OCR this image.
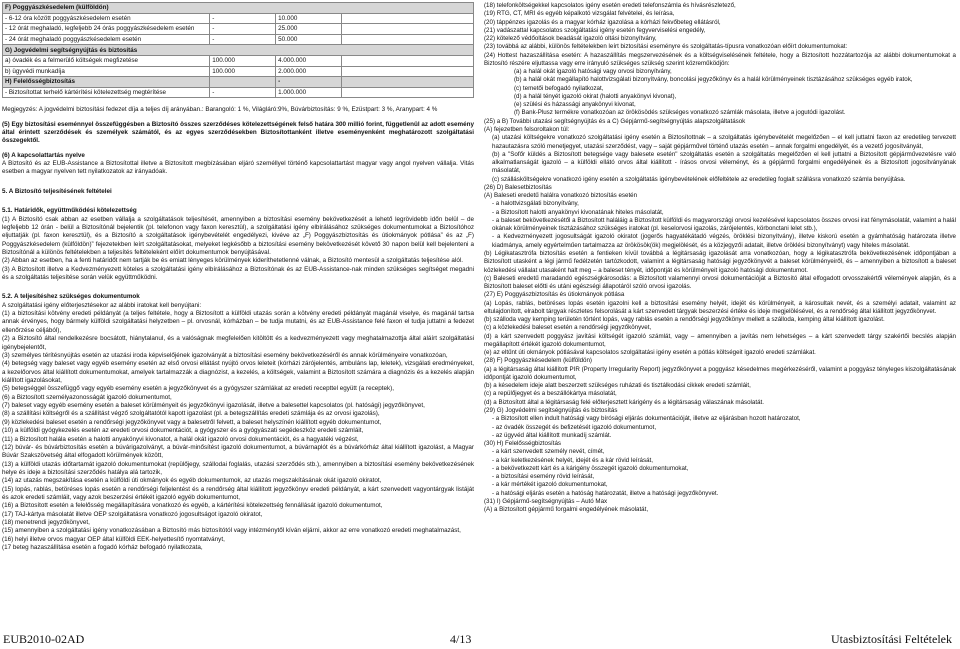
F) Poggyászkésedelem (külföldön)			
- 6-12 óra között poggyászkésedelem esetén	-	10.000	
- 12 órát meghaladó, legfeljebb 24 órás poggyászkésedelem esetén	-	25.000	
- 24 órát meghaladó poggyászkésedelem esetén	-	50.000	
G) Jogvédelmi segítségnyújtás és biztosítás			
a) óvadék és a felmerülő költségek megfizetése	100.000	4.000.000	
b) ügyvédi munkadíja	100.000	2.000.000	
H) Felelősségbiztosítás		-	
- Biztosítottat terhelő kártérítési kötelezettség megtérítése	-	1.000.000	

Megjegyzés: A jogvédelmi biztosítási fedezet díja a teljes díj arányában.: Barangoló: 1 %, Világláró:9%, Búvárbiztosítás: 9 %, Ezüstpart: 3 %, Aranypart: 4 %

(5) Egy biztosítási eseménnyel összefüggésben a Biztosító összes szerződéses kötelezettségének felső határa 300 millió forint, függetlenül az adott esemény által érintett szerződések és személyek számától, és az egyes szerződésekben Biztosítottanként illetve eseményenként meghatározott szolgáltatási összegektől.

(6) A kapcsolattartás nyelve

A Biztosító és az EUB-Assistance a Biztosítottal illetve a Biztosított megbízásában eljáró személlyel történő kapcsolattartást magyar vagy angol nyelven vállalja. Vitás esetben a magyar nyelven tett nyilatkozatok az irányadóak.

5. A Biztosító teljesítésének feltételei

5.1. Határidők, együttműködési kötelezettség

(1) A Biztosító csak abban az esetben vállalja a szolgáltatások teljesítését, amennyiben a biztosítási esemény bekövetkezését a lehető legrövidebb időn belül – de legfeljebb 12 órán - belül a Biztosítónál bejelentik (pl. telefonon vagy faxon keresztül), a szolgáltatási igény elbírálásához szükséges dokumentumokat a Biztosítóhoz eljuttatják (pl. faxon keresztül), és a Biztosító a szolgáltatások igénybevételét engedélyezi, kivéve az „F) Poggyászbiztosítás és útiokmányok pótlása” és az „F) Poggyászkésedelem (külföldön)” fejezetekben leírt szolgáltatásokat, melyeket legkésőbb a biztosítási esemény bekövetkezését követő 30 napon belül kell bejelenteni a Biztosítónál a különös feltételekben a teljesítés feltételeként előírt dokumentumok benyújtásával.

(2) Abban az esetben, ha a fenti határidőt nem tartják be és emiatt lényeges körülmények kideríthetetlenné válnak, a Biztosító mentesül a szolgáltatás teljesítése alól.

(3) A Biztosított illetve a Kedvezményezett köteles a szolgáltatási igény elbírálásához a Biztosítónak és az EUB-Assistance-nak minden szükséges segítséget megadni és a szolgáltatás teljesítése során velük együttműködni.

5.2. A teljesítéshez szükséges dokumentumok

A szolgáltatási igény előterjesztésekor az alábbi iratokat kell benyújtani:

(1) a biztosítási kötvény eredeti példányát (a teljes feltétele, hogy a Biztosított a külföldi utazás során a kötvény eredeti példányát magánál viselye, és magánál tartsa annak érvényes, hogy bármely külföldi szolgáltatási helyzetben – pl. orvosnál, kórházban – be tudja mutatni, és az EUB-Assistance felé faxon el tudja juttatni a fedezet ellenőrzése céljából),

(2) a Biztosító által rendelkezésre bocsátott, hiánytalanul, és a valóságnak megfelelően kitöltött és a kedvezményezett vagy meghatalmazottja által aláírt szolgáltatási igénybejelentőt,

(3) személyes térítésnyújtás esetén az utazási iroda képviselőjének igazolványát a biztosítási esemény bekövetkezéséről és annak körülményeire vonatkozóan,

(4) betegség vagy baleset vagy egyéb esemény esetén az első orvosi ellátást nyújtó orvos leleteit (kórházi zárójelentés, ambuláns lap, leletek), vizsgálati eredményeket, a kezelőorvos által kiállított dokumentumokat, amelyek tartalmazzák a diagnózist, a kezelés, a költségek, valamint a Biztosított számára a diagnózis és a kezelés alapján kiállított igazolásokat,

(5) betegséggel összefüggő vagy egyéb esemény esetén a jegyzőkönyvet és a gyógyszer számlákat az eredeti recepttel együtt (a receptek),

(6) a Biztosított személyazonosságát igazoló dokumentumot,

(7) baleset vagy egyéb esemény esetén a baleset körülményeit és jegyzőkönyvi igazolását, illetve a balesettel kapcsolatos (pl. hatósági) jegyzőkönyvet,

(8) a szállítási költségről és a szállítást végző szolgáltatótól kapott igazolást (pl. a betegszállítás eredeti számlája és az orvosi igazolás),

(9) közlekedési baleset esetén a rendőrségi jegyzőkönyvet vagy a balesetről felvett, a baleset helyszínén kiállított egyéb dokumentumot,

(10) a külföldi gyógykezelés esetén az eredeti orvosi dokumentációt, a gyógyszer és a gyógyászati segédeszköz eredeti számláit,

(11) a Biztosított halála esetén a halotti anyakönyvi kivonatot, a halál okát igazoló orvosi dokumentációt, és a hagyatéki végzést,

(12) búvár- és búvárbiztosítás esetén a búvárigazolványt, a búvár-minősítést igazoló dokumentumot, a búvárnaplót és a búvárkórház által kiállított igazolást, a Magyar Búvár Szakszövetség által elfogadott körülmények között,

(13) a külföldi utazás időtartamát igazoló dokumentumokat (repülőjegy, szállodai foglalás, utazási szerződés stb.), amennyiben a biztosítási esemény bekövetkezésének helye és ideje a biztosítási szerződés hatálya alá tartozik,

(14) az utazás megszakítása esetén a külföldi úti okmányok és egyéb dokumentumok, az utazás megszakításának okát igazoló okiratot,

(15) lopás, rablás, betöréses lopás esetén a rendőrségi feljelentést és a rendőrség által kiállított jegyzőkönyv eredeti példányát, a kárt szenvedett vagyontárgyak listáját és azok eredeti számláit, vagy azok beszerzési értékét igazoló egyéb dokumentumot,

(16) a Biztosított esetén a felelősség megállapítására vonatkozó és egyéb, a kártérítési kötelezettség fennállását igazoló dokumentumot,

(17) TAJ-kártya másolatát illetve OEP szolgáltatásra vonatkozó jogosultságot igazoló okiratot,

(18) menetrendi jegyzőkönyvet,

(15) amennyiben a szolgáltatási igény vonatkozásában a Biztosító más biztosítótól vagy intézménytől kíván eljárni, akkor az erre vonatkozó eredeti meghatalmazást,

(16) helyi illetve orvos magyar OEP által külföldi EEK-helyettesítő nyomtatványt,

(17 beteg hazaszállítása esetén a fogadó kórház befogadó nyilatkozata,

(18) telefonköltségekkel kapcsolatos igény esetén eredeti telefonszámla és hívásrészletező,

(19) RTG, CT, MRI és egyéb képalkotó vizsgálat felvételei, és leírása,

(20) táppénzes igazolás és a magyar kórház igazolása a kórházi fekvőbeteg ellátásról,

(21) vadászattal kapcsolatos szolgáltatási igény esetén fegyverviselési engedély,

(22) kötelező védőoltások beadását igazoló oltási bizonyítvány,

(23) továbbá az alábbi, különös feltételekben leírt biztosítási eseményre és szolgáltatás-típusra vonatkozóan előírt dokumentumokat:

(24) Hottest hazaszállítása esetén: A hazaszállítás megszervezésének és a költségviselésének feltétele, hogy a Biztosított hozzátartozója az alábbi dokumentumokat a Biztosító részére eljuttassa vagy erre irányuló szükséges szükség szerint közreműködjön:

(a) a halál okát igazoló hatósági vagy orvosi bizonyítvány,

(b) a halál okát megállapító halottvizsgálati bizonyítvány, boncolási jegyzőkönyv és a halál körülményeinek tisztázásához szükséges egyéb iratok,

(c) temetői befogadó nyilatkozat,

(d) a halál tényét igazoló okirat (halotti anyakönyvi kivonat),

(e) szülési és házassági anyakönyvi kivonat,

(f) Bank-Plusz termékre vonatkozóan az örökösödés szükséges vonatkozó számlák másolata, illetve a jogutódi igazolást.

(25) a B) További utazási segítségnyújtás és a C) Gépjármű-segítségnyújtás alapszolgáltatások

(A) fejezetben felsoroltakon túl:

(a) utazási költségekre vonatkozó szolgáltatási igény esetén a Biztosítottnak – a szolgáltatás igénybevételét megelőzően – el kell juttatni faxon az eredetileg tervezett hazautazásra szóló menetjegyet, utazási szerződést, vagy – saját gépjárművel történő utazás esetén – annak forgalmi engedélyét, és a vezető jogosítványát,

(b) a "Sofőr küldés a Biztosított betegsége vagy balesete esetén" szolgáltatás esetén a szolgáltatás megelőzően el kell juttatni a Biztosított gépjárművezetésre való alkalmatlanságát igazoló – a külföldi ellátó orvos által kiállított - írásos orvosi véleményt, és a gépjármű forgalmi engedélyének és a Biztosított jogosítványának másolatát,

(c) szállásköltségekre vonatkozó igény esetén a szolgáltatás igénybevételének előfeltétele az eredetileg foglalt szállásra vonatkozó számla benyújtása.

(26) D) Balesetbiztosítás

(A) Baleseti eredetű halálra vonatkozó biztosítás esetén

- a halottvizsgálati bizonyítvány,

- a Biztosított halotti anyakönyvi kivonatának hiteles másolatát,

- a baleset bekövetkezésétől a Biztosított haláláig a Biztosított külföldi és magyarországi orvosi kezelésével kapcsolatos összes orvosi irat fénymásolatát, valamint a halál okának körülményeinek tisztázásához szükséges iratokat (pl. keselorvosi igazolás, zárójelentés, körbonctani lelet stb.),

- a Kedvezményezett jogosultságát igazoló okiratot (jogerős hagyatékátadó végzés, öröklési bizonyítvány), illetve kiskorú esetén a gyámhatóság határozata illetve kiadmánya, amely egyértelműen tartalmazza az örökösök(ök) megjelölését, és a közjegyzői adatait, illetve öröklési bizonyítványt) vagy hiteles másolatát.

(b) Légikatasztrófa biztosítás esetén a fentieken kívül továbbá a légitársaság igazolását arra vonatkozóan, hogy a légikatasztrófa bekövetkezésének időpontjában a Biztosított utasként a légi jármű fedélzetén tartózkodott, valamint a légitársaság hatósági jegyzőkönyvét a baleset körülményeiről, és – amennyiben a biztosított a baleset közlekedési vállalat utasaként halt meg – a baleset tényét, időpontját és körülményeit igazoló hatósági dokumentumot.

(c) Baleseti eredetű maradandó egészségkárosodás: a Biztosított valamennyi orvosi dokumentációját a Biztosító által elfogadott orvosszakértői vélemények alapján, és a Biztosított baleset előtti és utáni egészségi állapotáról szóló orvosi igazolás.

(27) E) Poggyászbiztosítás és útiokmányok pótlása

(a) Lopás, rablás, betöréses lopás esetén igazolni kell a biztosítási esemény helyét, idejét és körülményeit, a károsultak nevét, és a személyi adatait, valamint az eltulajdonított, elrabolt tárgyak részletes felsorolását a kárt szenvedett tárgyak beszerzési értéke és ideje megjelölésével, és a rendőrség által kiállított jegyzőkönyvet.

(b) szálloda vagy kemping területén történt lopás, vagy rablás esetén a rendőrségi jegyzőkönyv mellett a szálloda, kemping által kiállított igazolást.

(c) a közlekedési baleset esetén a rendőrségi jegyzőkönyvet,

(d) a kárt szenvedett poggyász javítási költségét igazoló számlát, vagy – amennyiben a javítás nem lehetséges – a kárt szenvedett tárgy szakértői becslés alapján megállapított értékét igazoló dokumentumot,

(e) az eltűnt úti okmányok pótlásával kapcsolatos szolgáltatási igény esetén a pótlás költségeit igazoló eredeti számlákat.

(28) F) Poggyászkésedelem (külföldön)

(a) a légitársaság által kiállított PIR (Property Irregularity Report) jegyzőkönyvet a poggyász késedelmes megérkezéséről, valamint a poggyász tényleges kiszolgáltatásának időpontját igazoló dokumentumot,

(b) a késedelem ideje alatt beszerzett szükséges ruházati és tisztálkodási cikkek eredeti számláit,

(c) a repülőjegyet és a beszállókártya másolatát,

(d) a Biztosított által a légitársaság felé előterjesztett kárigény és a légitársaság válaszának másolatát.

(29) G) Jogvédelmi segítségnyújtás és biztosítás

- a Biztosított ellen indult hatósági vagy bírósági eljárás dokumentációját, illetve az eljárásban hozott határozatot,

- az óvadék összegét és befizetését igazoló dokumentumot,

- az ügyvéd által kiállított munkadíj számlát.

(30) H) Felelősségbiztosítás

- a kárt szenvedett személy nevét, címét,

- a kár keletkezésének helyét, idejét és a kár rövid leírását,

- a bekövetkezett kárt és a kárigény összegét igazoló dokumentumokat,

- a biztosítási esemény rövid leírását,

- a kár mértékét igazoló dokumentumokat,

- a hatósági eljárás esetén a hatóság határozatát, illetve a hatósági jegyzőkönyvet.

(31) I) Gépjármű-segítségnyújtás – Autó Max

(A) a Biztosított gépjármű forgalmi engedélyének másolatát,

EUB2010-02AD	4/13	Utasbiztosítási Feltételek
